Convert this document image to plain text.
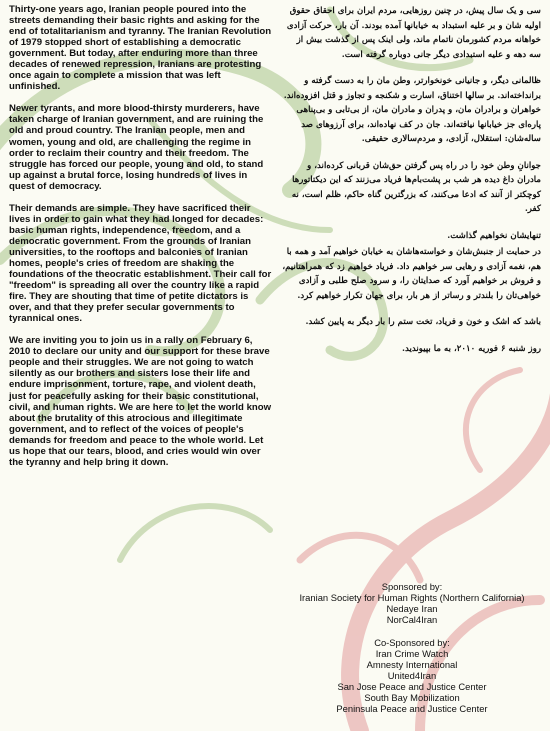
Thirty-one years ago, Iranian people poured into the streets demanding their basic rights and asking for the end of totalitarianism and tyranny. The Iranian Revolution of 1979 stopped short of establishing a democratic government. But today, after enduring more than three decades of renewed repression, Iranians are protesting once again to complete a mission that was left unfinished.

Newer tyrants, and more blood-thirsty murderers, have taken charge of Iranian government, and are ruining the old and proud country. The Iranian people, men and women, young and old, are challenging the regime in order to reclaim their country and their freedom. The struggle has forced our people, young and old, to stand up against a brutal force, losing hundreds of lives in quest of democracy.

Their demands are simple. They have sacrificed their lives in order to gain what they had longed for decades: basic human rights, independence, freedom, and a democratic government. From the grounds of Iranian universities, to the rooftops and balconies of Iranian homes, people's cries of freedom are shaking the foundations of the theocratic establishment. Their call for "freedom" is spreading all over the country like a rapid fire. They are shouting that time of petite dictators is over, and that they prefer secular governments to tyrannical ones.

We are inviting you to join us in a rally on February 6, 2010 to declare our unity and our support for these brave people and their struggles. We are not going to watch silently as our brothers and sisters lose their life and endure imprisonment, torture, rape, and violent death, just for peacefully asking for their basic constitutional, civil, and human rights. We are here to let the world know about the brutality of this atrocious and illegitimate government, and to reflect of the voices of people's demands for freedom and peace to the whole world. Let us hope that our tears, blood, and cries would win over the tyranny and help bring it down.

سی و یک سال پیش، در چنین روزهایی، مردم ایران برای احقاق حقوق اولیه شان و بر علیه استبداد به خیابانها آمده بودند. آن بار، حرکت آزادی خواهانه مردم کشورمان ناتمام ماند، ولی اینک پس از گذشت بیش از سه دهه و علیه استبدادی دیگر جانی دوباره گرفته است.

ظالمانی دیگر، و جانیانی خونخوارتر، وطن مان را به دست گرفته و برانداخته‌اند. بر سالها اختناق، اسارت و شکنجه و تجاوز و قتل افزوده‌اند. خواهران و برادران مان، و پدران و مادران مان، از بی‌تابی و بی‌پناهی پاره‌ای جز خیابانها نیافته‌اند. جان در کف نهاده‌اند، برای آرزوهای صد ساله‌شان: استقلال، آزادی، و مردم‌سالاری حقیقی.

جوانانِ وطن خود را در راه پس گرفتن حق‌شان قربانی کرده‌اند، و مادران داغ دیده هر شب بر پشت‌بام‌ها فریاد می‌زنند که این دیکتاتورها کوچکتر از آنند که ادعا می‌کنند، که بزرگترین گناه حاکم، ظلم است، نه کفر.

تنهایشان نخواهیم گذاشت.

در حمایت از جنبش‌شان و خواسته‌هاشان به خیابان خواهیم آمد و همه با هم، نغمه آزادی و رهایی سر خواهیم داد. فریاد خواهیم زد که همراهتانیم، و فروش بر خواهیم آورد که صدایتان را، و سرود صلح طلبی و آزادی خواهی‌تان را بلندتر و رساتر از هر بار، برای جهان تکرار خواهیم کرد.

باشد که اشک و خون و فریاد، تخت ستم را بار دیگر به پایین کشد.

روز شنبه ۶ فوریه ۲۰۱۰، به ما بپیوندید.

Sponsored by:
Iranian Society for Human Rights (Northern California)
Nedaye Iran
NorCal4Iran
Co-Sponsored by:
Iran Crime Watch
Amnesty International
United4Iran
San Jose Peace and Justice Center
South Bay Mobilization
Peninsula Peace and Justice Center
